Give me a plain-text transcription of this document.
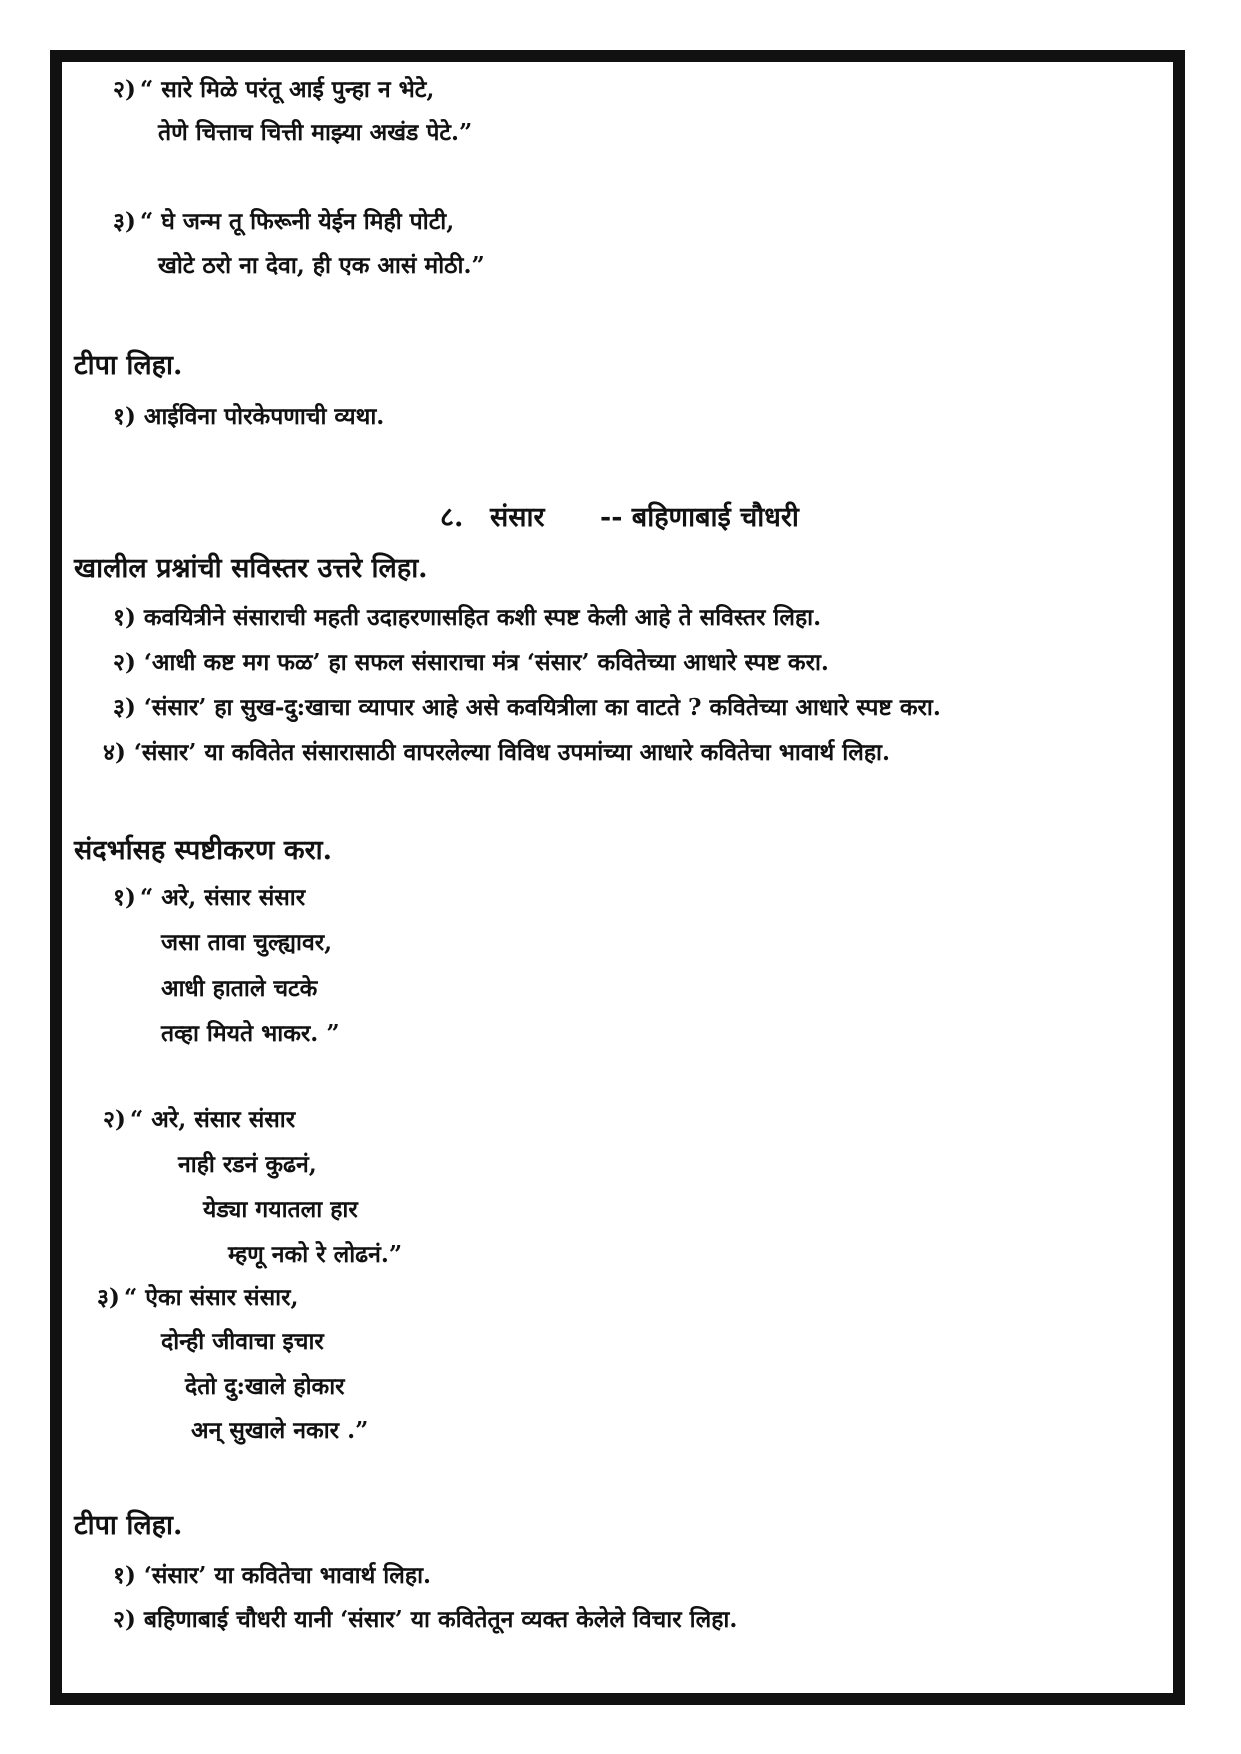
२) “ सारे मिळे परंतू आई पुन्हा न भेटे,
तेणे चित्ताच चित्ती माझ्या अखंड पेटे.”
३) “ घे जन्म तू फिरूनी येईन मिही पोटी,
खोटे ठरो ना देवा, ही एक आसं मोठी.”
टीपा लिहा.
१) आईविना पोरकेपणाची व्यथा.
८. संसार -- बहिणाबाई चौधरी
खालील प्रश्नांची सविस्तर उत्तरे लिहा.
१) कवयित्रीने संसाराची महती उदाहरणासहित कशी स्पष्ट केली आहे ते सविस्तर लिहा.
२) ‘आधी कष्ट मग फळ’ हा सफल संसाराचा मंत्र ‘संसार’ कवितेच्या आधारे स्पष्ट करा.
३) ‘संसार’ हा सुख-दु:खाचा व्यापार आहे असे कवयित्रीला का वाटते ? कवितेच्या आधारे स्पष्ट करा.
४) ‘संसार’ या कवितेत संसारासाठी वापरलेल्या विविध उपमांच्या आधारे कवितेचा भावार्थ लिहा.
संदर्भासह स्पष्टीकरण करा.
१) “ अरे, संसार संसार
जसा तावा चुल्ह्यावर,
आधी हाताले चटके
तव्हा मियते भाकर. ”
२) “ अरे, संसार संसार
नाही रडनं कुढनं,
येड्या गयातला हार
म्हणू नको रे लोढनं.”
३) “ ऐका संसार संसार,
दोन्ही जीवाचा इचार
देतो दु:खाले होकार
अन् सुखाले नकार .”
टीपा लिहा.
१) ‘संसार’ या कवितेचा भावार्थ लिहा.
२) बहिणाबाई चौधरी यानी ‘संसार’ या कवितेतून व्यक्त केलेले विचार लिहा.
